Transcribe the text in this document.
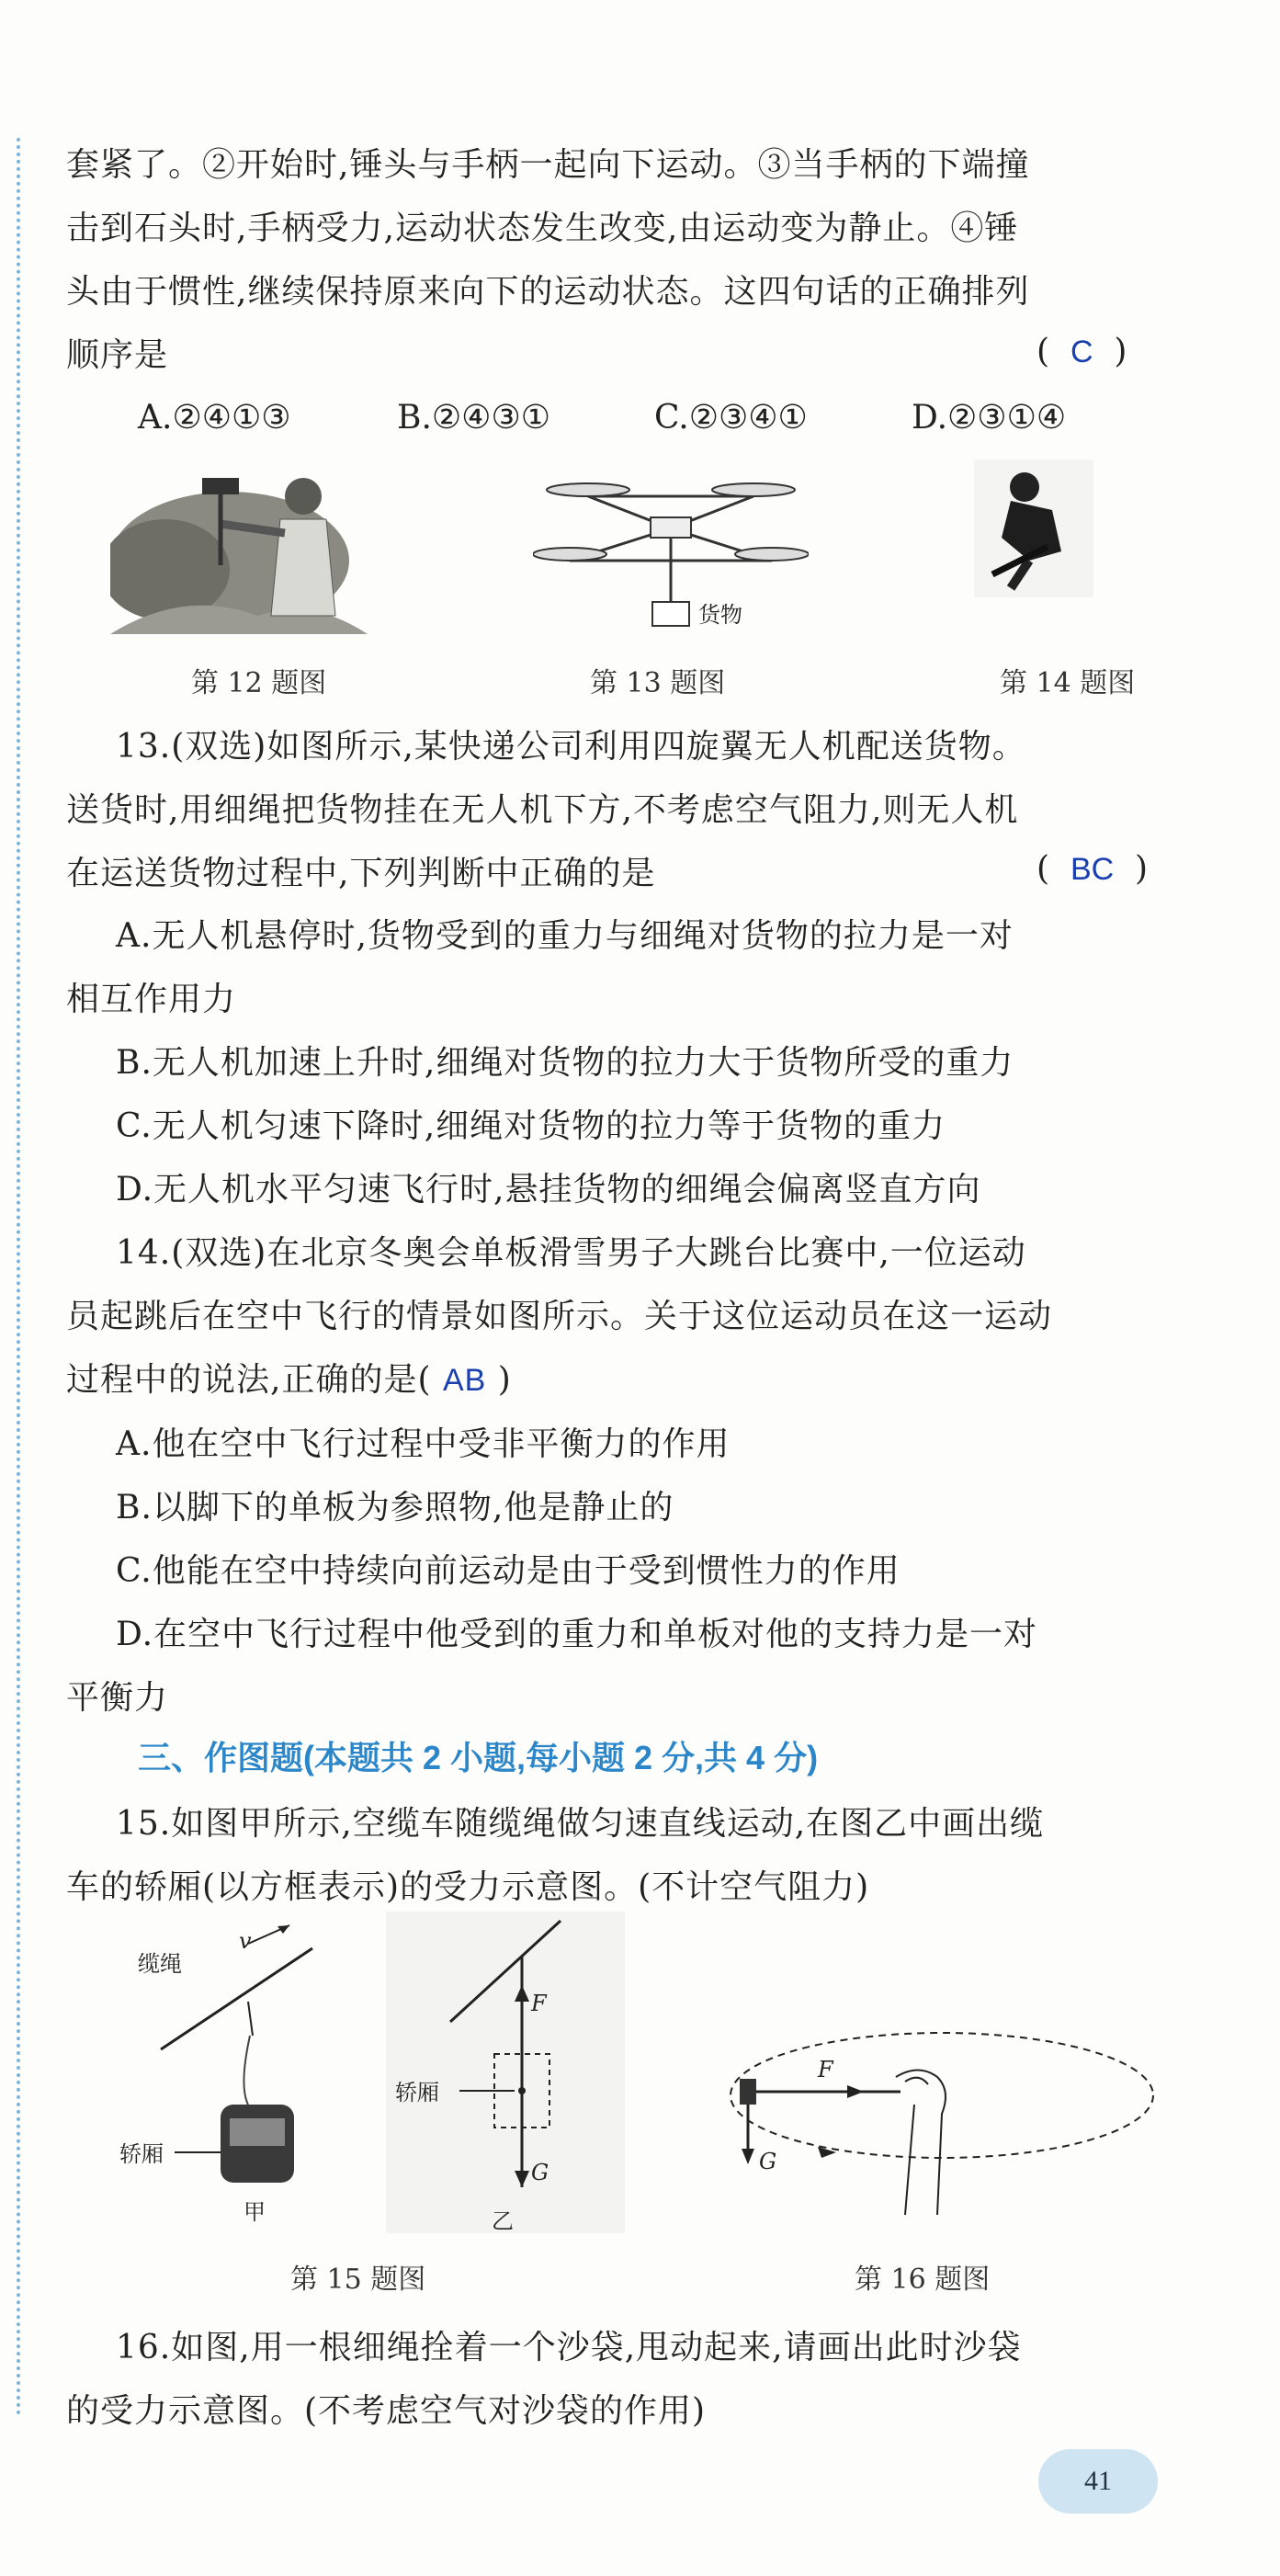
套紧了。②开始时,锤头与手柄一起向下运动。③当手柄的下端撞

击到石头时,手柄受力,运动状态发生改变,由运动变为静止。④锤

头由于惯性,继续保持原来向下的运动状态。这四句话的正确排列

顺序是	(  C  )
A.②④①③	B.②④③①	C.②③④①	D.②③①④
货物
第 12 题图	第 13 题图	第 14 题图

13.(双选)如图所示,某快递公司利用四旋翼无人机配送货物。

送货时,用细绳把货物挂在无人机下方,不考虑空气阻力,则无人机

在运送货物过程中,下列判断中正确的是	(  BC  )

A.无人机悬停时,货物受到的重力与细绳对货物的拉力是一对

相互作用力

B.无人机加速上升时,细绳对货物的拉力大于货物所受的重力

C.无人机匀速下降时,细绳对货物的拉力等于货物的重力

D.无人机水平匀速飞行时,悬挂货物的细绳会偏离竖直方向

14.(双选)在北京冬奥会单板滑雪男子大跳台比赛中,一位运动

员起跳后在空中飞行的情景如图所示。关于这位运动员在这一运动

过程中的说法,正确的是( AB )

A.他在空中飞行过程中受非平衡力的作用

B.以脚下的单板为参照物,他是静止的

C.他能在空中持续向前运动是由于受到惯性力的作用

D.在空中飞行过程中他受到的重力和单板对他的支持力是一对

平衡力

三、作图题(本题共 2 小题,每小题 2 分,共 4 分)

15.如图甲所示,空缆车随缆绳做匀速直线运动,在图乙中画出缆

车的轿厢(以方框表示)的受力示意图。(不计空气阻力)

v
缆绳
轿厢
甲
轿厢
F
G
乙
F
G
第 15 题图	第 16 题图

16.如图,用一根细绳拴着一个沙袋,甩动起来,请画出此时沙袋

的受力示意图。(不考虑空气对沙袋的作用)

41
